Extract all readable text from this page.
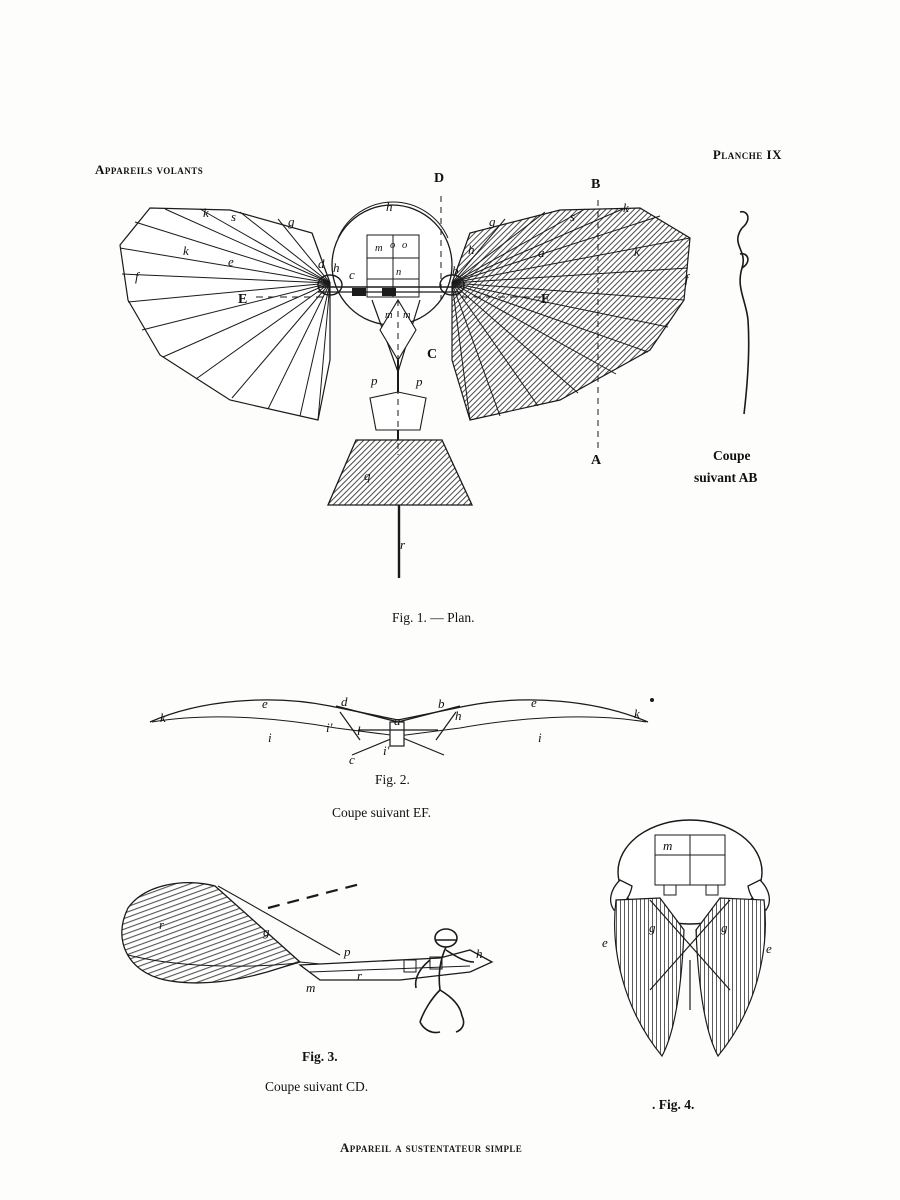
Appareils volants
Planche IX
D	B
E	F
C
A
k s	g
h
g	s
k
k
e
f
d h c	b
h	a	k
f
m o o
n
m m
p	p
q
r
k
e	d	b
h
e
k
i
i' l
a
c
i'
i
r	g
p	h
m
r
m
e
g	g
e
Fig. 1. — Plan.
Fig. 2.
Coupe suivant EF.
Fig. 3.
Coupe suivant CD.
. Fig. 4.
Coupe
suivant AB
Appareil a sustentateur simple
